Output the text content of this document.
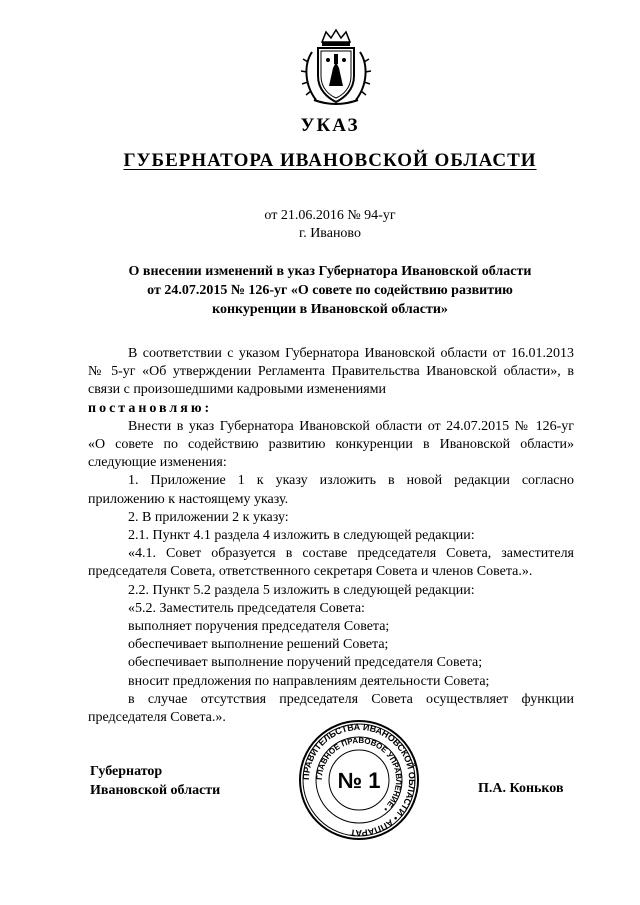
УКАЗ
ГУБЕРНАТОРА ИВАНОВСКОЙ ОБЛАСТИ
от 21.06.2016 № 94-уг
г. Иваново
О внесении изменений в указ Губернатора Ивановской области
от 24.07.2015 № 126-уг «О совете по содействию развитию
конкуренции в Ивановской области»

В соответствии с указом Губернатора Ивановской области от 16.01.2013 № 5-уг «Об утверждении Регламента Правительства Ивановской области», в связи с произошедшими кадровыми изменениями

постановляю:

Внести в указ Губернатора Ивановской области от 24.07.2015 № 126-уг «О совете по содействию развитию конкуренции в Ивановской области» следующие изменения:

1. Приложение 1 к указу изложить в новой редакции согласно приложению к настоящему указу.

2. В приложении 2 к указу:

2.1. Пункт 4.1 раздела 4 изложить в следующей редакции:

«4.1. Совет образуется в составе председателя Совета, заместителя председателя Совета, ответственного секретаря Совета и членов Совета.».

2.2. Пункт 5.2 раздела 5 изложить в следующей редакции:

«5.2. Заместитель председателя Совета:

выполняет поручения председателя Совета;

обеспечивает выполнение решений Совета;

обеспечивает выполнение поручений председателя Совета;

вносит предложения по направлениям деятельности Совета;

в случае отсутствия председателя Совета осуществляет функции председателя Совета.».

Губернатор
Ивановской области	П.А. Коньков
ПРАВИТЕЛЬСТВА ИВАНОВСКОЙ ОБЛАСТИ • АППАРАТ
ГЛАВНОЕ ПРАВОВОЕ УПРАВЛЕНИЕ •
№ 1
